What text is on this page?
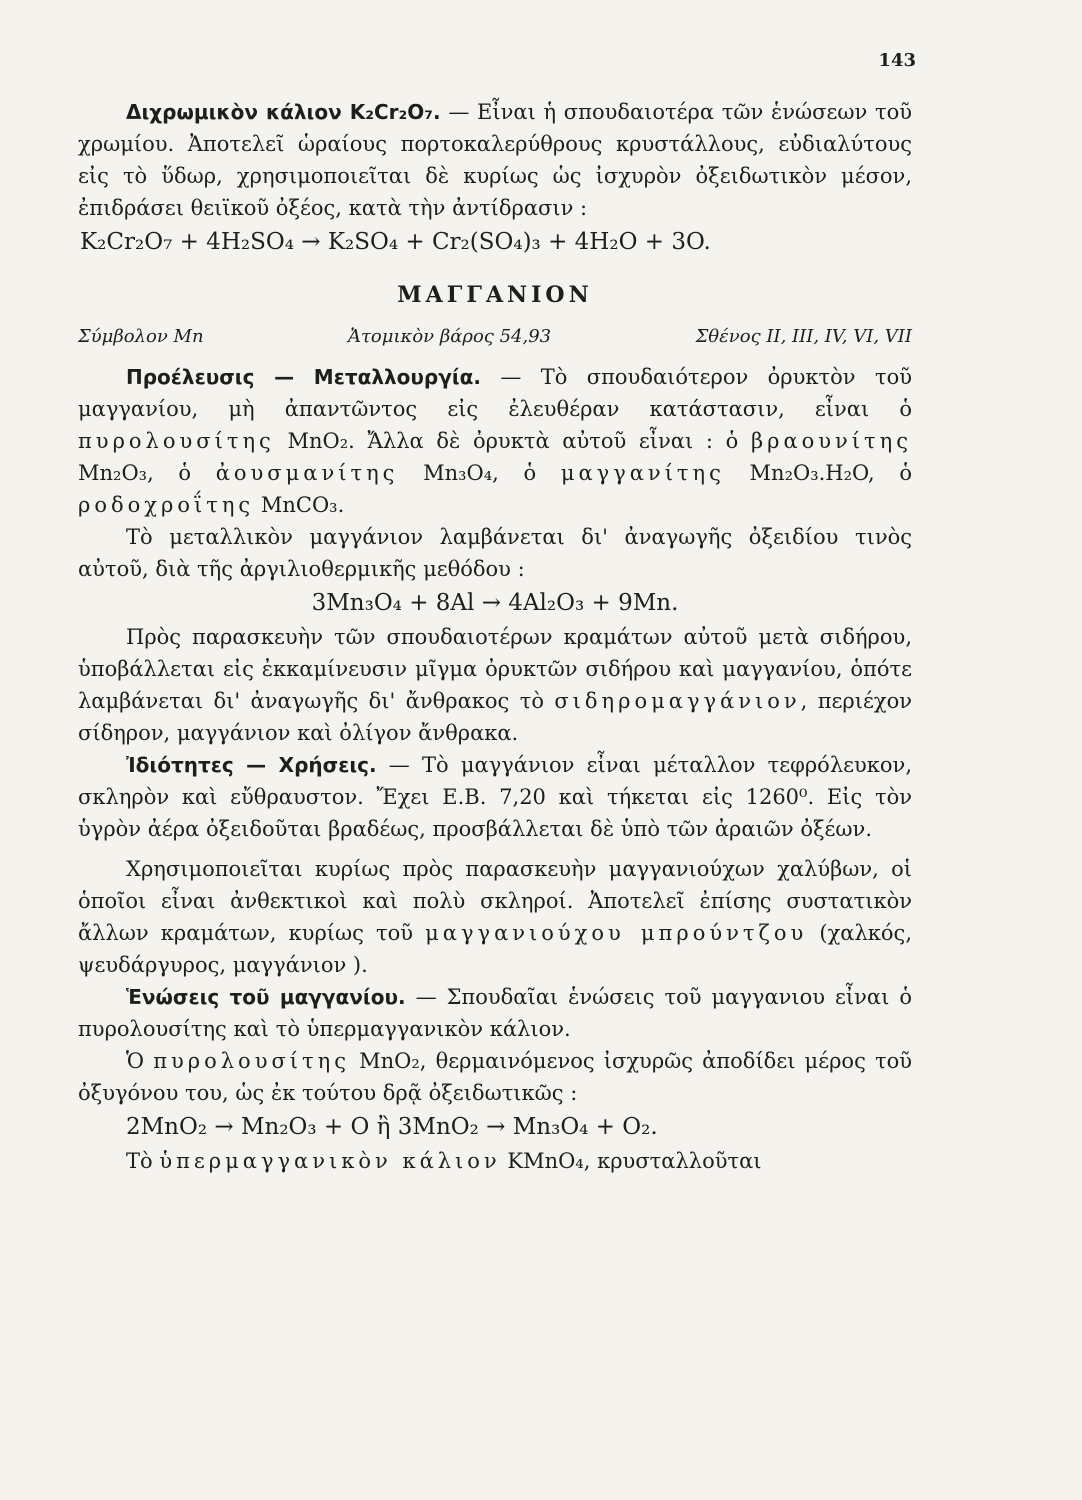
143

Διχρωμικὸν κάλιον K₂Cr₂O₇. — Εἶναι ἡ σπουδαιοτέρα τῶν ἑνώσεων τοῦ χρωμίου. Ἀποτελεῖ ὡραίους πορτοκαλερύθρους κρυστάλλους, εὐδιαλύτους εἰς τὸ ὕδωρ, χρησιμοποιεῖται δὲ κυρίως ὡς ἰσχυρὸν ὀξειδωτικὸν μέσον, ἐπιδράσει θειϊκοῦ ὀξέος, κατὰ τὴν ἀντίδρασιν :

K₂Cr₂O₇ + 4H₂SO₄ → K₂SO₄ + Cr₂(SO₄)₃ + 4H₂O + 3O.

ΜΑΓΓΑΝΙΟΝ
Σύμβολον Mn	Ἀτομικὸν βάρος 54,93	Σθένος II, III, IV, VI, VII

Προέλευσις — Μεταλλουργία. — Τὸ σπουδαιότερον ὀρυκτὸν τοῦ μαγγανίου, μὴ ἀπαντῶντος εἰς ἐλευθέραν κατάστασιν, εἶναι ὁ πυρολουσίτης MnO₂. Ἄλλα δὲ ὀρυκτὰ αὐτοῦ εἶναι : ὁ βραουνίτης Mn₂O₃, ὁ ἀουσμανίτης Mn₃O₄, ὁ μαγγανίτης Mn₂O₃.H₂O, ὁ ροδοχροΐτης MnCO₃.

Τὸ μεταλλικὸν μαγγάνιον λαμβάνεται δι' ἀναγωγῆς ὀξειδίου τινὸς αὐτοῦ, διὰ τῆς ἀργιλιοθερμικῆς μεθόδου :

3Mn₃O₄ + 8Al → 4Al₂O₃ + 9Mn.

Πρὸς παρασκευὴν τῶν σπουδαιοτέρων κραμάτων αὐτοῦ μετὰ σιδήρου, ὑποβάλλεται εἰς ἐκκαμίνευσιν μῖγμα ὀρυκτῶν σιδήρου καὶ μαγγανίου, ὁπότε λαμβάνεται δι' ἀναγωγῆς δι' ἄνθρακος τὸ σιδηρομαγγάνιον, περιέχον σίδηρον, μαγγάνιον καὶ ὀλίγον ἄνθρακα.

Ἰδιότητες — Χρήσεις. — Τὸ μαγγάνιον εἶναι μέταλλον τεφρόλευκον, σκληρὸν καὶ εὔθραυστον. Ἔχει Ε.Β. 7,20 καὶ τήκεται εἰς 1260⁰. Εἰς τὸν ὑγρὸν ἀέρα ὀξειδοῦται βραδέως, προσβάλλεται δὲ ὑπὸ τῶν ἀραιῶν ὀξέων.

Χρησιμοποιεῖται κυρίως πρὸς παρασκευὴν μαγγανιούχων χαλύβων, οἱ ὁποῖοι εἶναι ἀνθεκτικοὶ καὶ πολὺ σκληροί. Ἀποτελεῖ ἐπίσης συστατικὸν ἄλλων κραμάτων, κυρίως τοῦ μαγγανιούχου μπρούντζου (χαλκός, ψευδάργυρος, μαγγάνιον ).

Ἑνώσεις τοῦ μαγγανίου. — Σπουδαῖαι ἑνώσεις τοῦ μαγγανιου εἶναι ὁ πυρολουσίτης καὶ τὸ ὑπερμαγγανικὸν κάλιον.

Ὁ πυρολουσίτης MnO₂, θερμαινόμενος ἰσχυρῶς ἀποδίδει μέρος τοῦ ὀξυγόνου του, ὡς ἐκ τούτου δρᾷ ὀξειδωτικῶς :

2MnO₂ → Mn₂O₃ + O ἢ 3MnO₂ → Mn₃O₄ + O₂.

Τὸ ὑπερμαγγανικὸν κάλιον KMnO₄, κρυσταλλοῦται
